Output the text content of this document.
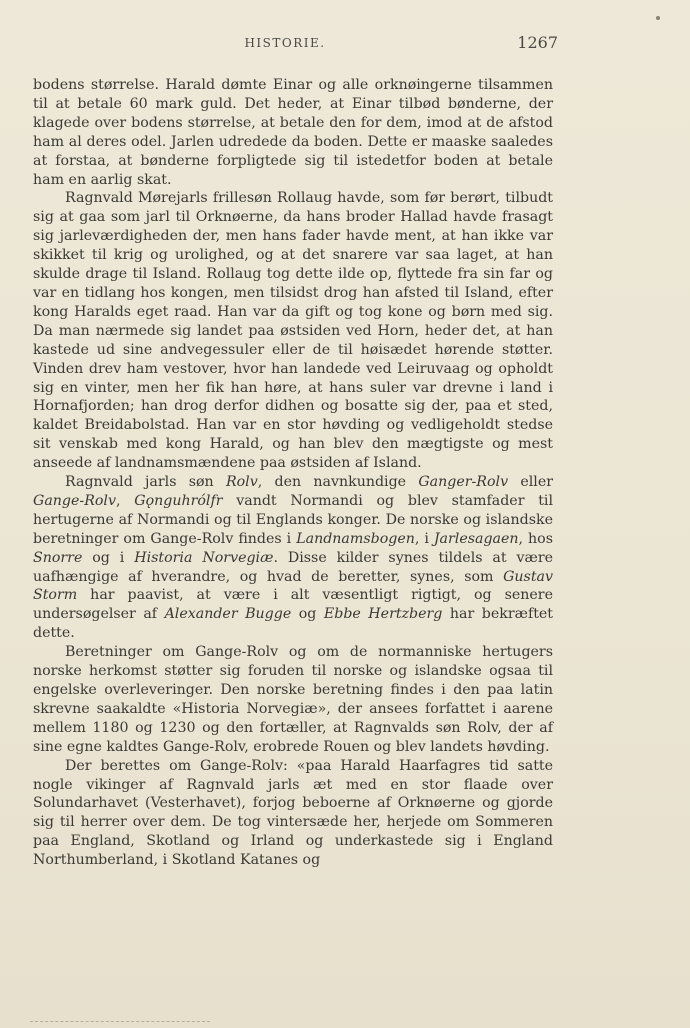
HISTORIE.	1267

bodens størrelse. Harald dømte Einar og alle orknøingerne tilsammen til at betale 60 mark guld. Det heder, at Einar tilbød bønderne, der klagede over bodens størrelse, at betale den for dem, imod at de afstod ham al deres odel. Jarlen udredede da boden. Dette er maaske saaledes at forstaa, at bønderne forpligtede sig til istedetfor boden at betale ham en aarlig skat.

Ragnvald Mørejarls frillesøn Rollaug havde, som før berørt, tilbudt sig at gaa som jarl til Orknøerne, da hans broder Hallad havde frasagt sig jarleværdigheden der, men hans fader havde ment, at han ikke var skikket til krig og urolighed, og at det snarere var saa laget, at han skulde drage til Island. Rollaug tog dette ilde op, flyttede fra sin far og var en tidlang hos kongen, men tilsidst drog han afsted til Island, efter kong Haralds eget raad. Han var da gift og tog kone og børn med sig. Da man nærmede sig landet paa østsiden ved Horn, heder det, at han kastede ud sine andvegessuler eller de til høisædet hørende støtter. Vinden drev ham vestover, hvor han landede ved Leiruvaag og opholdt sig en vinter, men her fik han høre, at hans suler var drevne i land i Hornafjorden; han drog derfor didhen og bosatte sig der, paa et sted, kaldet Breidabolstad. Han var en stor høvding og vedligeholdt stedse sit venskab med kong Harald, og han blev den mægtigste og mest anseede af landnamsmændene paa østsiden af Island.

Ragnvald jarls søn Rolv, den navnkundige Ganger-Rolv eller Gange-Rolv, Gǫnguhrólfr vandt Normandi og blev stamfader til hertugerne af Normandi og til Englands konger. De norske og islandske beretninger om Gange-Rolv findes i Landnamsbogen, i Jarlesagaen, hos Snorre og i Historia Norvegiæ. Disse kilder synes tildels at være uafhængige af hverandre, og hvad de beretter, synes, som Gustav Storm har paavist, at være i alt væsentligt rigtigt, og senere undersøgelser af Alexander Bugge og Ebbe Hertzberg har bekræftet dette.

Beretninger om Gange-Rolv og om de normanniske hertugers norske herkomst støtter sig foruden til norske og islandske ogsaa til engelske overleveringer. Den norske beretning findes i den paa latin skrevne saakaldte «Historia Norvegiæ», der ansees forfattet i aarene mellem 1180 og 1230 og den fortæller, at Ragnvalds søn Rolv, der af sine egne kaldtes Gange-Rolv, erobrede Rouen og blev landets høvding.

Der berettes om Gange-Rolv: «paa Harald Haarfagres tid satte nogle vikinger af Ragnvald jarls æt med en stor flaade over Solundarhavet (Vesterhavet), forjog beboerne af Orknøerne og gjorde sig til herrer over dem. De tog vintersæde her, herjede om Sommeren paa England, Skotland og Irland og underkastede sig i England Northumberland, i Skotland Katanes og
